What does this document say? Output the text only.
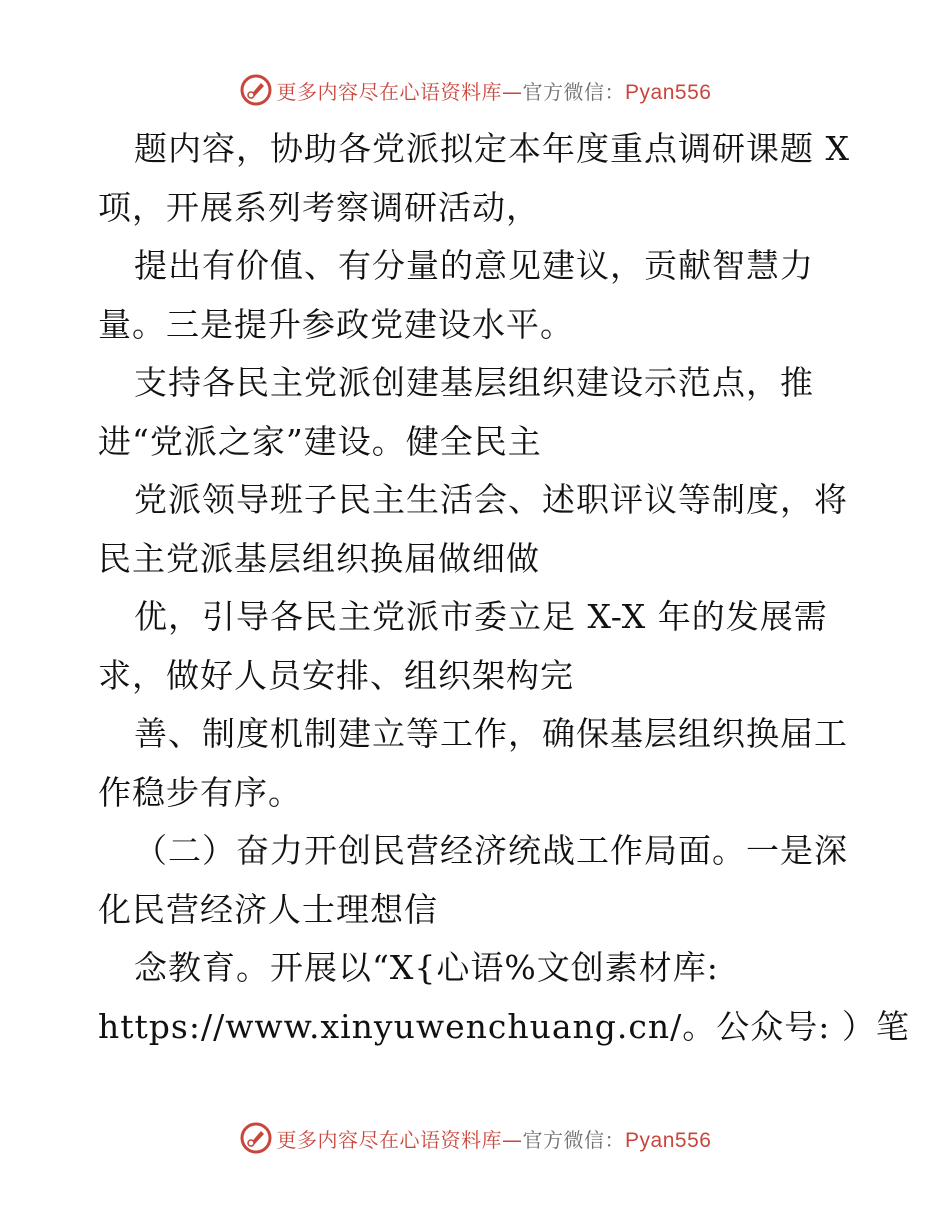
更多内容尽在心语资料库—官方微信：Pyan556
题内容，协助各党派拟定本年度重点调研课题 X
项，开展系列考察调研活动，
提出有价值、有分量的意见建议，贡献智慧力
量。三是提升参政党建设水平。
支持各民主党派创建基层组织建设示范点，推
进“党派之家”建设。健全民主
党派领导班子民主生活会、述职评议等制度，将
民主党派基层组织换届做细做
优，引导各民主党派市委立足 X-X 年的发展需
求，做好人员安排、组织架构完
善、制度机制建立等工作，确保基层组织换届工
作稳步有序。
（二）奋力开创民营经济统战工作局面。一是深
化民营经济人士理想信
念教育。开展以“X{心语%文创素材库:
https://www.xinyuwenchuang.cn/。公众号: ）笔
更多内容尽在心语资料库—官方微信：Pyan556
